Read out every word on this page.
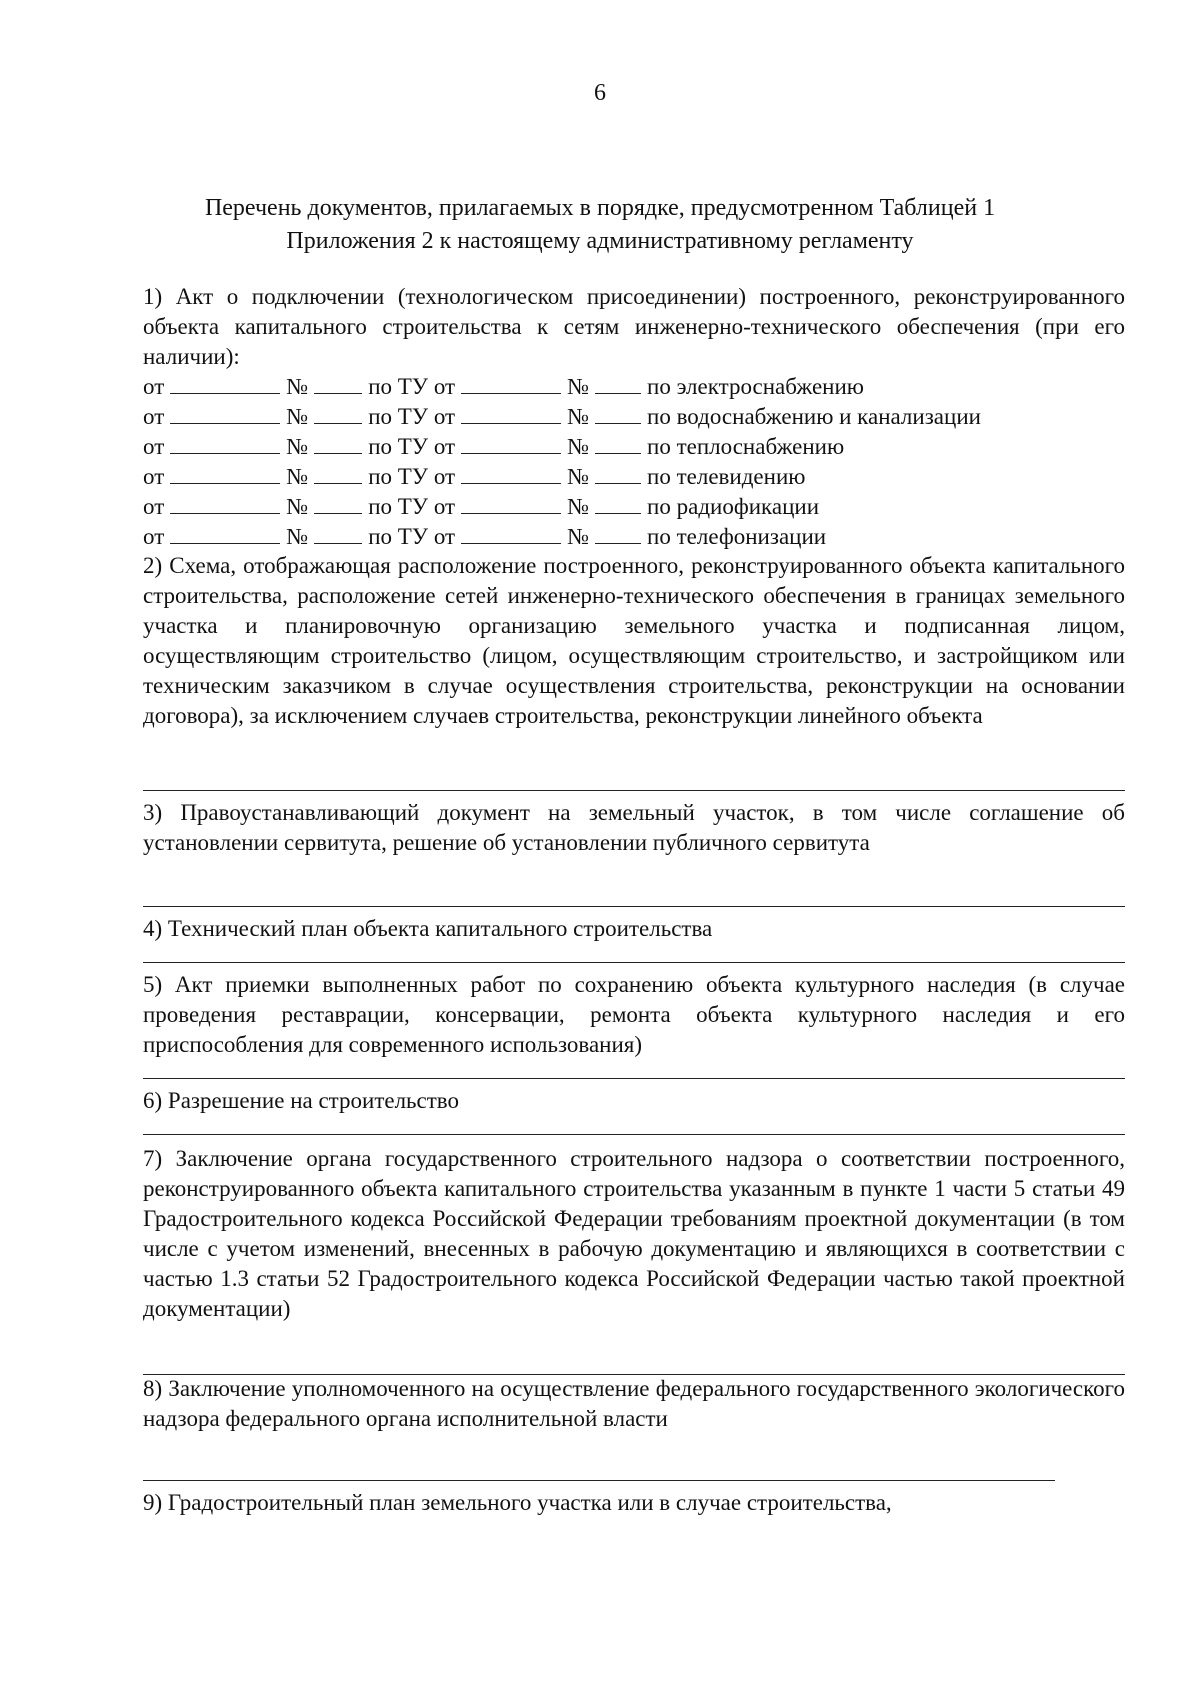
6
Перечень документов, прилагаемых в порядке, предусмотренном Таблицей 1
Приложения 2 к настоящему административному регламенту

1) Акт о подключении (технологическом присоединении) построенного, реконструированного объекта капитального строительства к сетям инженерно-технического обеспечения (при его наличии):

от	№	по ТУ от	№	по электроснабжению
от	№	по ТУ от	№	по водоснабжению и канализации
от	№	по ТУ от	№	по теплоснабжению
от	№	по ТУ от	№	по телевидению
от	№	по ТУ от	№	по радиофикации
от	№	по ТУ от	№	по телефонизации

2) Схема, отображающая расположение построенного, реконструированного объекта капитального строительства, расположение сетей инженерно-технического обеспечения в границах земельного участка и планировочную организацию земельного участка и подписанная лицом, осуществляющим строительство (лицом, осуществляющим строительство, и застройщиком или техническим заказчиком в случае осуществления строительства, реконструкции на основании договора), за исключением случаев строительства, реконструкции линейного объекта

3) Правоустанавливающий документ на земельный участок, в том числе соглашение об установлении сервитута, решение об установлении публичного сервитута

4) Технический план объекта капитального строительства

5) Акт приемки выполненных работ по сохранению объекта культурного наследия (в случае проведения реставрации, консервации, ремонта объекта культурного наследия и его приспособления для современного использования)

6) Разрешение на строительство

7) Заключение органа государственного строительного надзора о соответствии построенного, реконструированного объекта капитального строительства указанным в пункте 1 части 5 статьи 49 Градостроительного кодекса Российской Федерации требованиям проектной документации (в том числе с учетом изменений, внесенных в рабочую документацию и являющихся в соответствии с частью 1.3 статьи 52 Градостроительного кодекса Российской Федерации частью такой проектной документации)

8) Заключение уполномоченного на осуществление федерального государственного экологического надзора федерального органа исполнительной власти

9) Градостроительный план земельного участка или в случае строительства,
